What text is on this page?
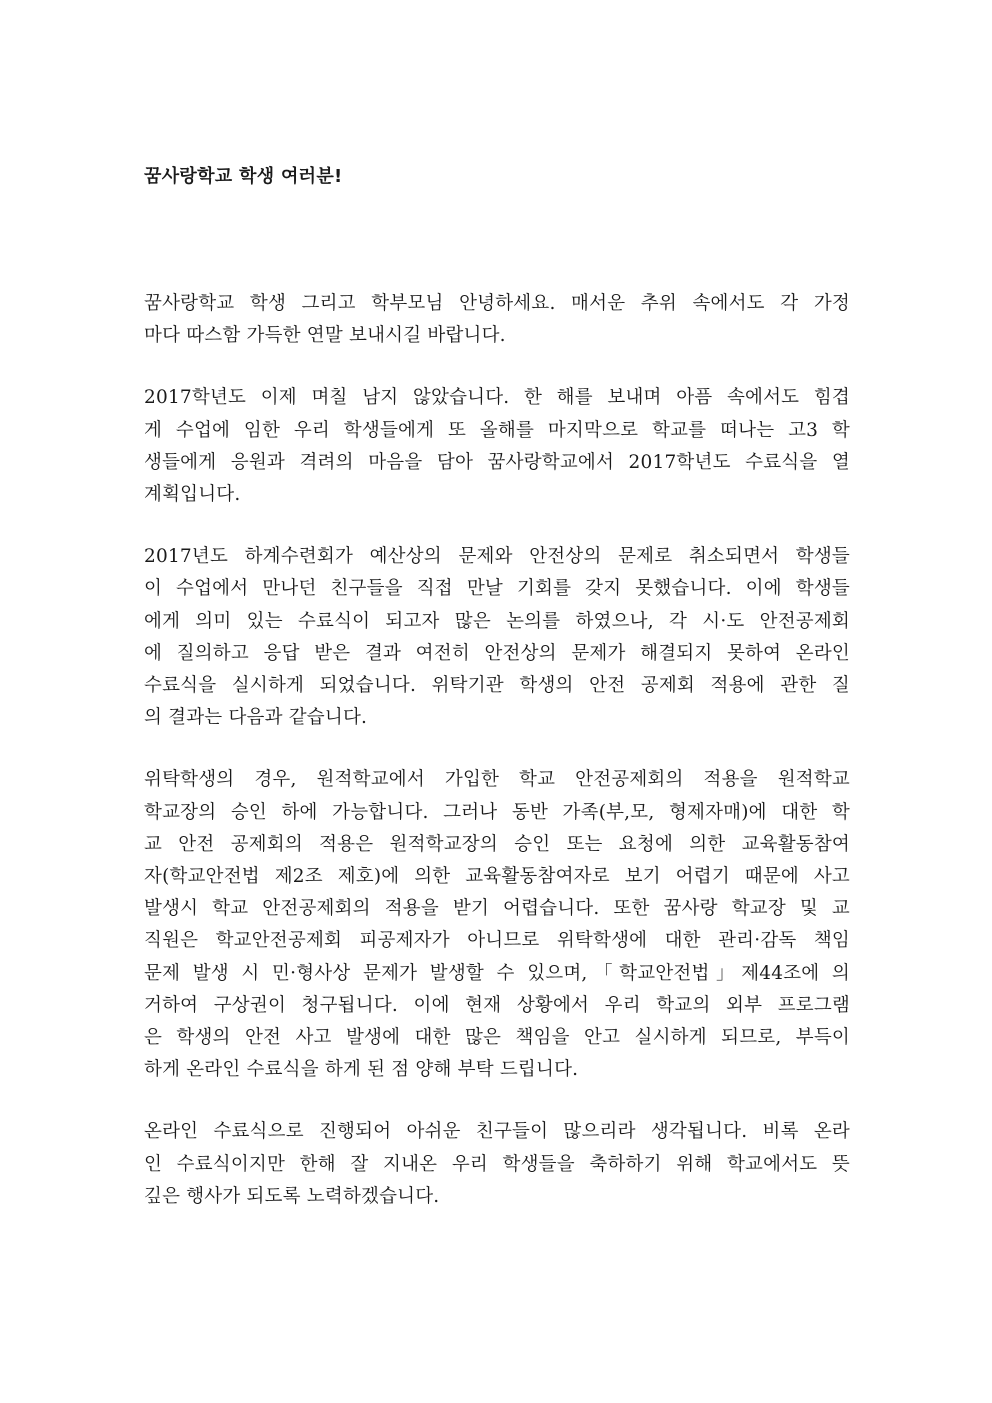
꿈사랑학교 학생 여러분!

꿈사랑학교 학생 그리고 학부모님 안녕하세요. 매서운 추위 속에서도 각 가정
마다 따스함 가득한 연말 보내시길 바랍니다.

2017학년도 이제 며칠 남지 않았습니다. 한 해를 보내며 아픔 속에서도 힘겹
게 수업에 임한 우리 학생들에게 또 올해를 마지막으로 학교를 떠나는 고3 학
생들에게 응원과 격려의 마음을 담아 꿈사랑학교에서 2017학년도 수료식을 열
계획입니다.

2017년도 하계수련회가 예산상의 문제와 안전상의 문제로 취소되면서 학생들
이 수업에서 만나던 친구들을 직접 만날 기회를 갖지 못했습니다. 이에 학생들
에게 의미 있는 수료식이 되고자 많은 논의를 하였으나, 각 시·도 안전공제회
에 질의하고 응답 받은 결과 여전히 안전상의 문제가 해결되지 못하여 온라인
수료식을 실시하게 되었습니다. 위탁기관 학생의 안전 공제회 적용에 관한 질
의 결과는 다음과 같습니다.

위탁학생의 경우, 원적학교에서 가입한 학교 안전공제회의 적용을 원적학교
학교장의 승인 하에 가능합니다. 그러나 동반 가족(부,모, 형제자매)에 대한 학
교 안전 공제회의 적용은 원적학교장의 승인 또는 요청에 의한 교육활동참여
자(학교안전법 제2조 제호)에 의한 교육활동참여자로 보기 어렵기 때문에 사고
발생시 학교 안전공제회의 적용을 받기 어렵습니다. 또한 꿈사랑 학교장 및 교
직원은 학교안전공제회 피공제자가 아니므로 위탁학생에 대한 관리·감독 책임
문제 발생 시 민·형사상 문제가 발생할 수 있으며,「학교안전법」제44조에 의
거하여 구상권이 청구됩니다. 이에 현재 상황에서 우리 학교의 외부 프로그램
은 학생의 안전 사고 발생에 대한 많은 책임을 안고 실시하게 되므로, 부득이
하게 온라인 수료식을 하게 된 점 양해 부탁 드립니다.

온라인 수료식으로 진행되어 아쉬운 친구들이 많으리라 생각됩니다. 비록 온라
인 수료식이지만 한해 잘 지내온 우리 학생들을 축하하기 위해 학교에서도 뜻
깊은 행사가 되도록 노력하겠습니다.
